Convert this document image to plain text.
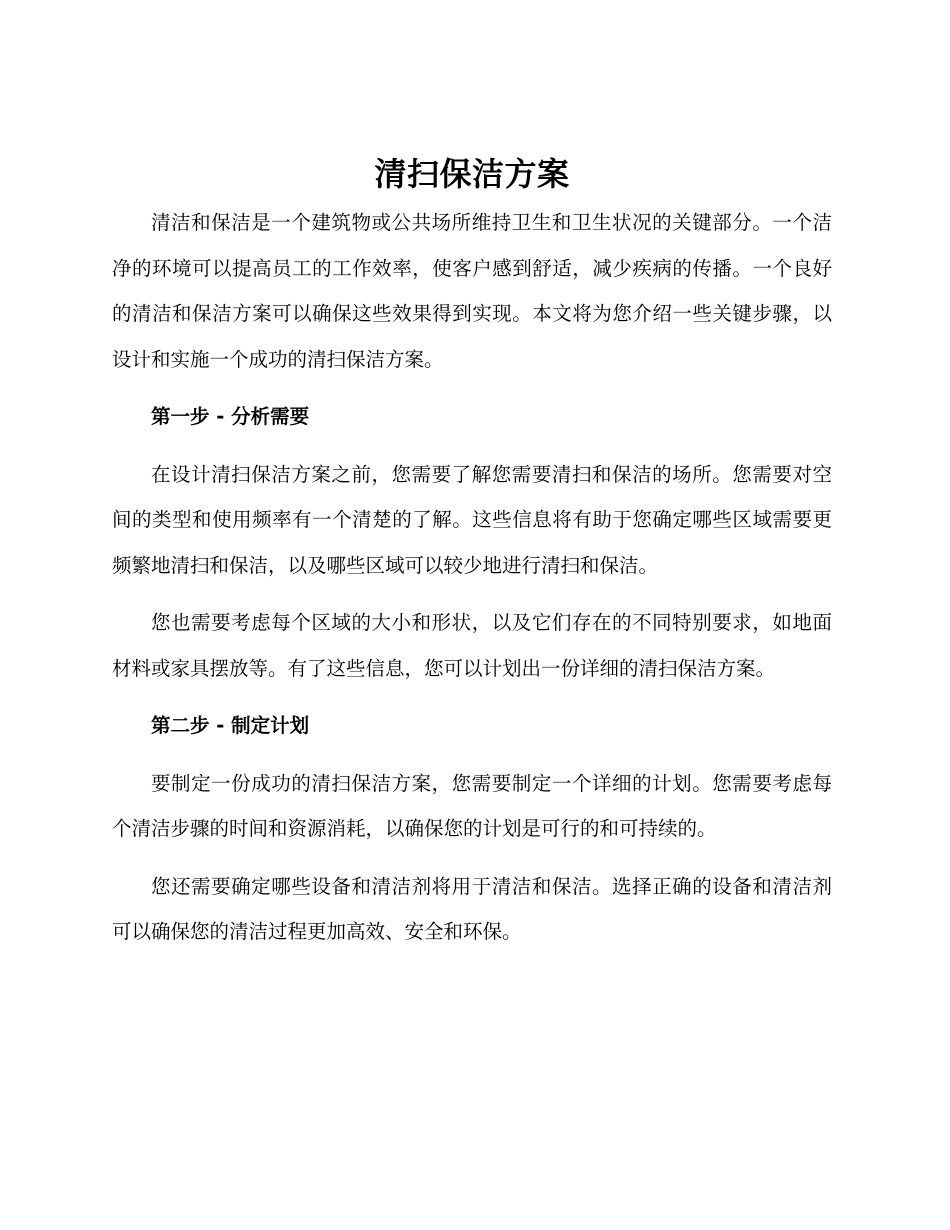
清扫保洁方案

清洁和保洁是一个建筑物或公共场所维持卫生和卫生状况的关键部分。一个洁净的环境可以提高员工的工作效率，使客户感到舒适，减少疾病的传播。一个良好的清洁和保洁方案可以确保这些效果得到实现。本文将为您介绍一些关键步骤，以设计和实施一个成功的清扫保洁方案。

第一步 - 分析需要

在设计清扫保洁方案之前，您需要了解您需要清扫和保洁的场所。您需要对空间的类型和使用频率有一个清楚的了解。这些信息将有助于您确定哪些区域需要更频繁地清扫和保洁，以及哪些区域可以较少地进行清扫和保洁。

您也需要考虑每个区域的大小和形状，以及它们存在的不同特别要求，如地面材料或家具摆放等。有了这些信息，您可以计划出一份详细的清扫保洁方案。

第二步 - 制定计划

要制定一份成功的清扫保洁方案，您需要制定一个详细的计划。您需要考虑每个清洁步骤的时间和资源消耗，以确保您的计划是可行的和可持续的。

您还需要确定哪些设备和清洁剂将用于清洁和保洁。选择正确的设备和清洁剂可以确保您的清洁过程更加高效、安全和环保。
